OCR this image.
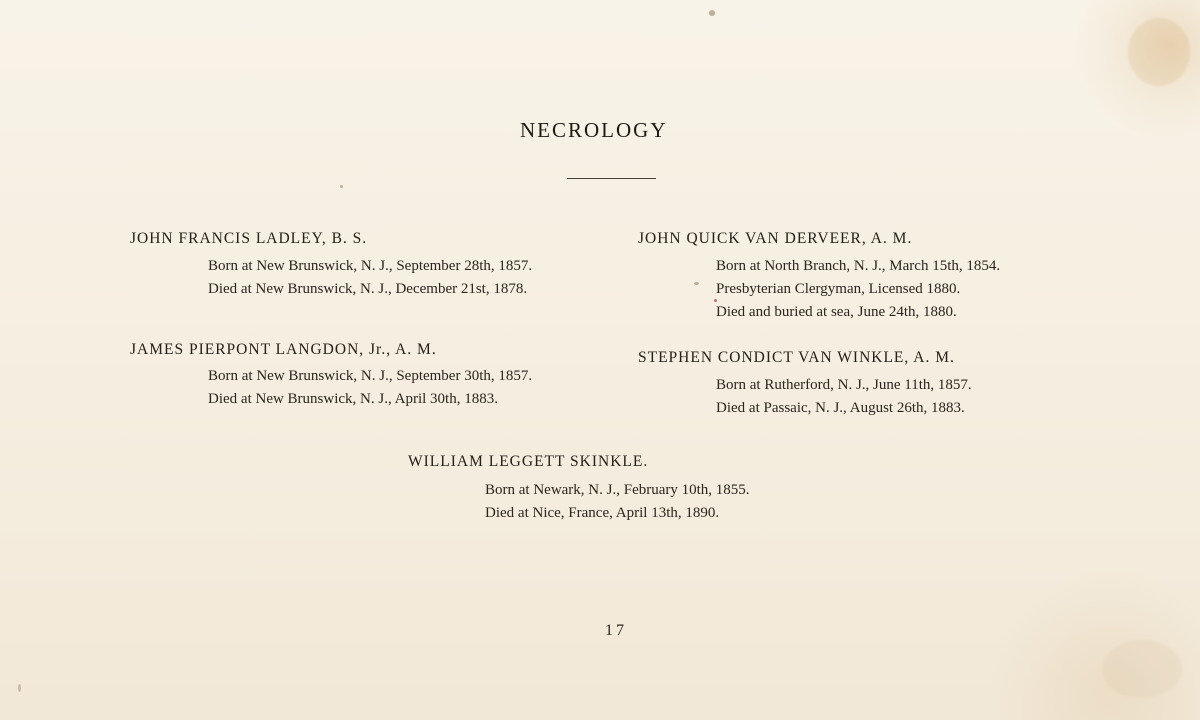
NECROLOGY
JOHN FRANCIS LADLEY, B. S.
Born at New Brunswick, N. J., September 28th, 1857.
Died at New Brunswick, N. J., December 21st, 1878.
JAMES PIERPONT LANGDON, Jr., A. M.
Born at New Brunswick, N. J., September 30th, 1857.
Died at New Brunswick, N. J., April 30th, 1883.
JOHN QUICK VAN DERVEER, A. M.
Born at North Branch, N. J., March 15th, 1854.
Presbyterian Clergyman, Licensed 1880.
Died and buried at sea, June 24th, 1880.
STEPHEN CONDICT VAN WINKLE, A. M.
Born at Rutherford, N. J., June 11th, 1857.
Died at Passaic, N. J., August 26th, 1883.
WILLIAM LEGGETT SKINKLE.
Born at Newark, N. J., February 10th, 1855.
Died at Nice, France, April 13th, 1890.
17
